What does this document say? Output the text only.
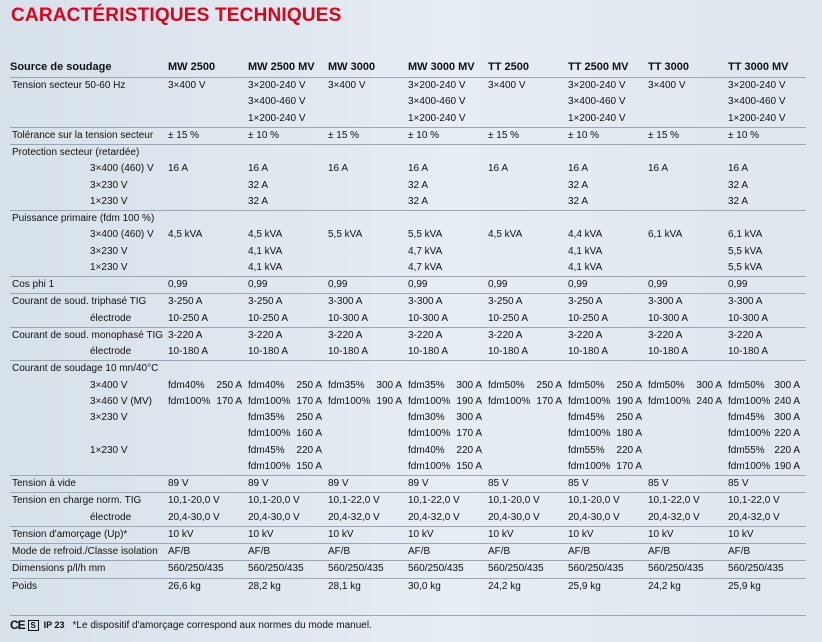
CARACTÉRISTIQUES TECHNIQUES
Source de soudage	MW 2500	MW 2500 MV	MW 3000	MW 3000 MV	TT 2500	TT 2500 MV	TT 3000	TT 3000 MV
Tension secteur 50-60 Hz	3×400 V	3×200-240 V	3×400 V	3×200-240 V	3×400 V	3×200-240 V	3×400 V	3×200-240 V
		3×400-460 V		3×400-460 V		3×400-460 V		3×400-460 V
		1×200-240 V		1×200-240 V		1×200-240 V		1×200-240 V
Tolérance sur la tension secteur	± 15 %	± 10 %	± 15 %	± 10 %	± 15 %	± 10 %	± 15 %	± 10 %
Protection secteur (retardée)								
3×400 (460) V	16 A	16 A	16 A	16 A	16 A	16 A	16 A	16 A
3×230 V		32 A		32 A		32 A		32 A
1×230 V		32 A		32 A		32 A		32 A
Puissance primaire (fdm 100 %)								
3×400 (460) V	4,5 kVA	4,5 kVA	5,5 kVA	5,5 kVA	4,5 kVA	4,4 kVA	6,1 kVA	6,1 kVA
3×230 V		4,1 kVA		4,7 kVA		4,1 kVA		5,5 kVA
1×230 V		4,1 kVA		4,7 kVA		4,1 kVA		5,5 kVA
Cos phi 1	0,99	0,99	0,99	0,99	0,99	0,99	0,99	0,99
Courant de soud. triphasé TIG	3-250 A	3-250 A	3-300 A	3-300 A	3-250 A	3-250 A	3-300 A	3-300 A
électrode	10-250 A	10-250 A	10-300 A	10-300 A	10-250 A	10-250 A	10-300 A	10-300 A
Courant de soud. monophasé TIG	3-220 A	3-220 A	3-220 A	3-220 A	3-220 A	3-220 A	3-220 A	3-220 A
électrode	10-180 A	10-180 A	10-180 A	10-180 A	10-180 A	10-180 A	10-180 A	10-180 A
Courant de soudage 10 mn/40°C								
3×400 V	fdm40% 250 A	fdm40% 250 A	fdm35% 300 A	fdm35% 300 A	fdm50% 250 A	fdm50% 250 A	fdm50% 300 A	fdm50% 300 A

3×460 V (MV)	fdm100% 170 A	fdm100% 170 A	fdm100% 190 A	fdm100% 190 A	fdm100% 170 A	fdm100% 190 A	fdm100% 240 A	fdm100% 240 A

3×230 V		fdm35% 250 A		fdm30% 300 A		fdm45% 250 A		fdm45% 300 A

		fdm100% 160 A		fdm100% 170 A		fdm100% 180 A		fdm100% 220 A

1×230 V		fdm45% 220 A		fdm40% 220 A		fdm55% 220 A		fdm55% 220 A

		fdm100% 150 A		fdm100% 150 A		fdm100% 170 A		fdm100% 190 A

Tension à vide	89 V	89 V	89 V	89 V	85 V	85 V	85 V	85 V
Tension en charge norm. TIG	10,1-20,0 V	10,1-20,0 V	10,1-22,0 V	10,1-22,0 V	10,1-20,0 V	10,1-20,0 V	10,1-22,0 V	10,1-22,0 V
électrode	20,4-30,0 V	20,4-30,0 V	20,4-32,0 V	20,4-32,0 V	20,4-30,0 V	20,4-30,0 V	20,4-32,0 V	20,4-32,0 V
Tension d'amorçage (Up)*	10 kV	10 kV	10 kV	10 kV	10 kV	10 kV	10 kV	10 kV
Mode de refroid./Classe isolation	AF/B	AF/B	AF/B	AF/B	AF/B	AF/B	AF/B	AF/B
Dimensions p/l/h mm	560/250/435	560/250/435	560/250/435	560/250/435	560/250/435	560/250/435	560/250/435	560/250/435
Poids	26,6 kg	28,2 kg	28,1 kg	30,0 kg	24,2 kg	25,9 kg	24,2 kg	25,9 kg
CE S IP 23 *Le dispositif d'amorçage correspond aux normes du mode manuel.
